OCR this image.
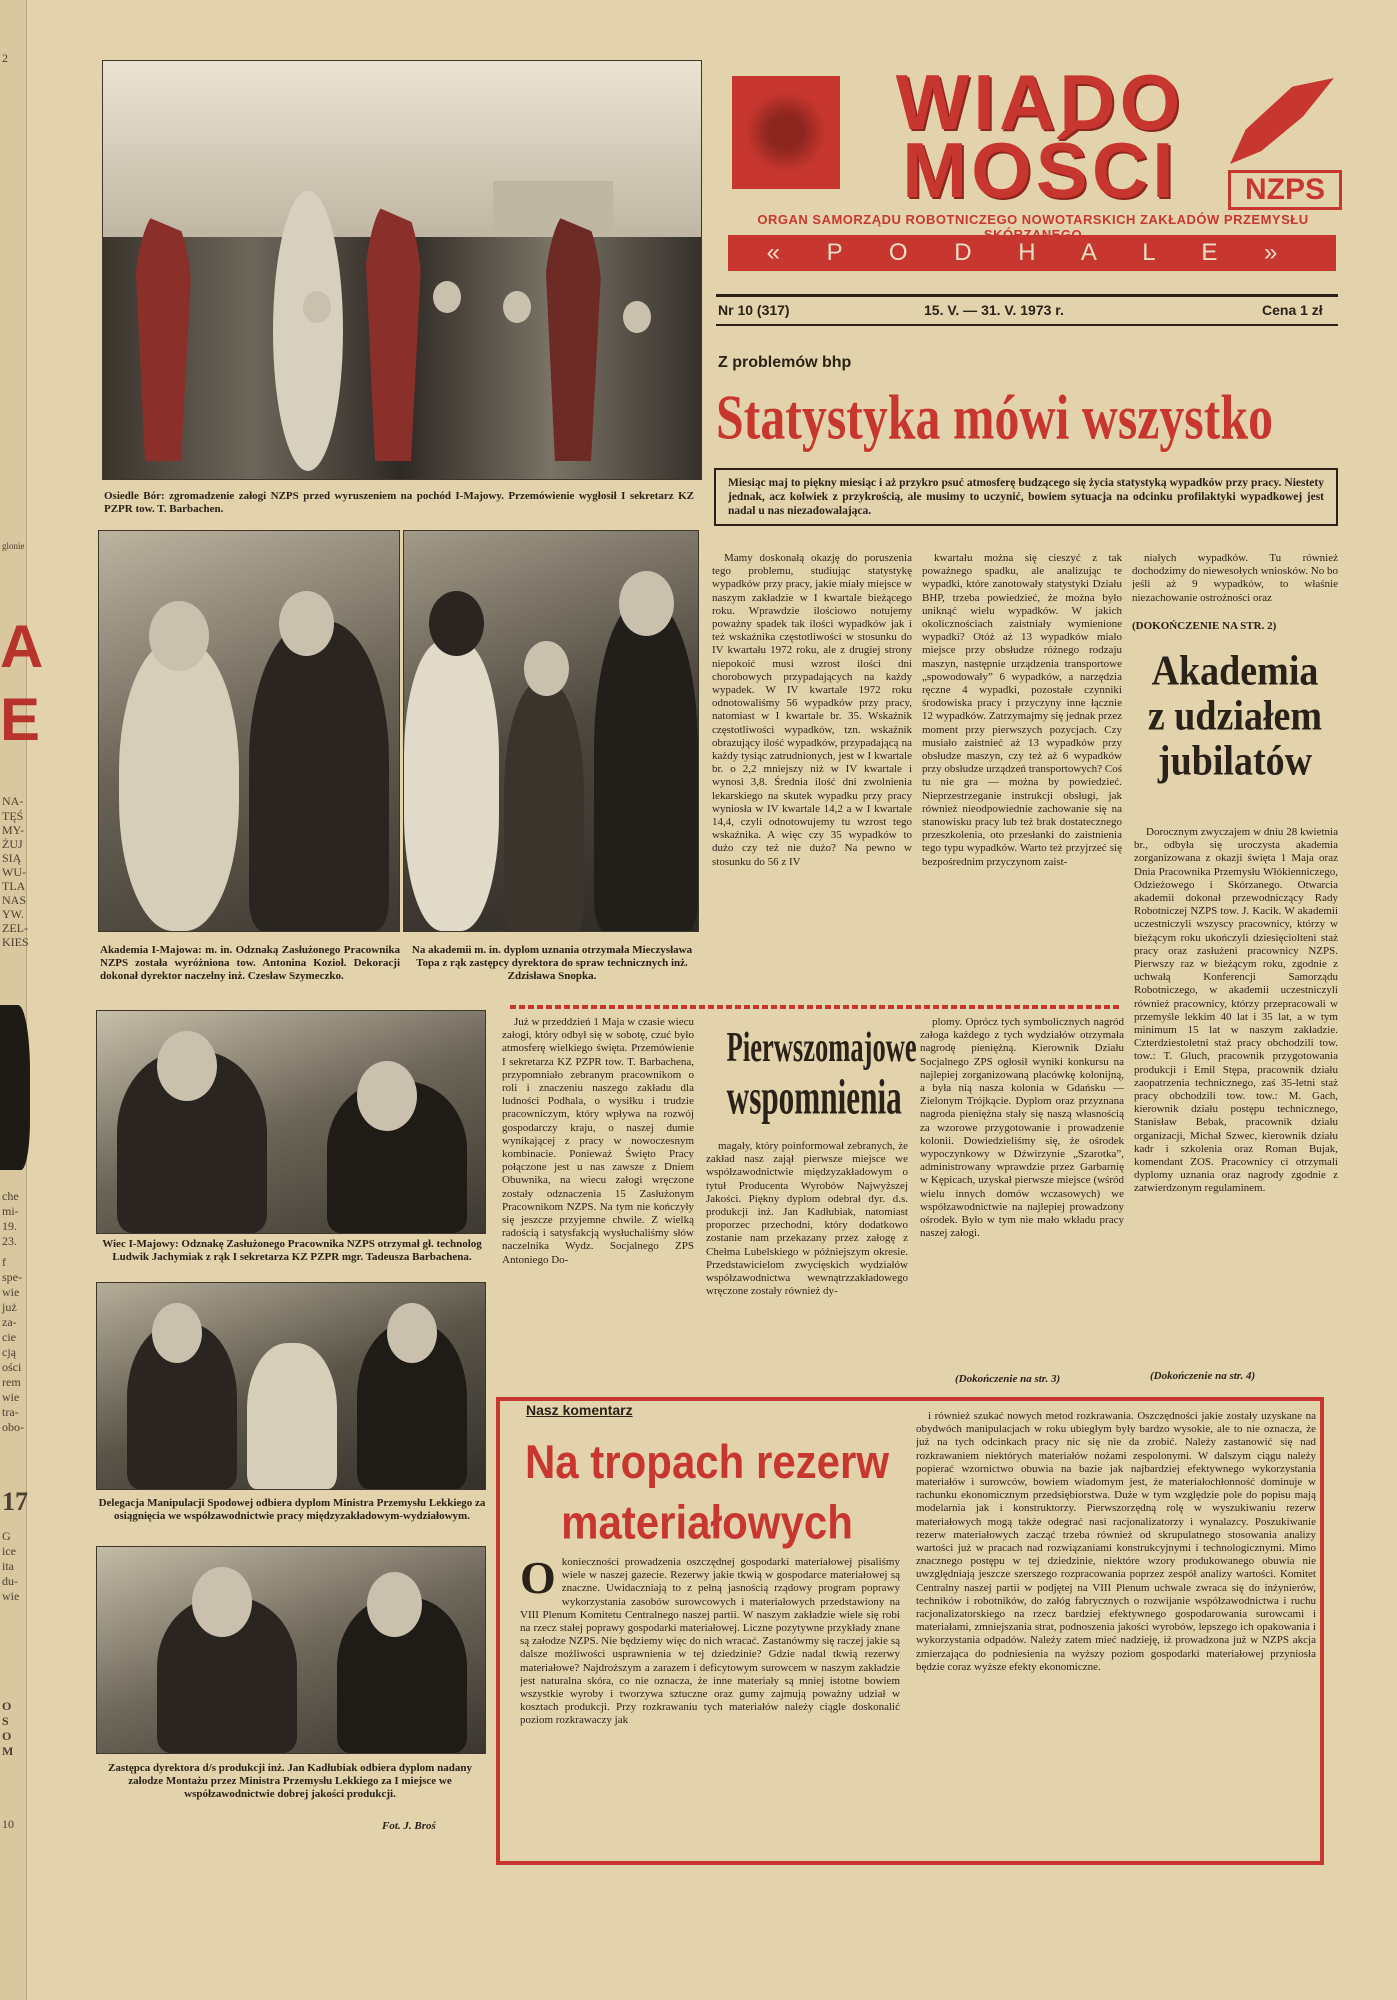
2
glonie
NA-
TĘŚ
MY-
ŻUJ
SIĄ
WU-
TLA
NAS
YW.
ZEL-
KIES
che
mi-
19.
23.
f
spe-
wie
już
za-
cie
cją
ości
rem
wie
tra-
obo-
17
G
ice
ita
du-
wie
O
S
O
M
10
A
E
Osiedle Bór: zgromadzenie załogi NZPS przed wyruszeniem na pochód I-Majowy. Przemówienie wygłosił I sekretarz KZ PZPR tow. T. Barbachen.
Akademia I-Majowa: m. in. Odznaką Zasłużonego Pracownika NZPS została wyróżniona tow. Antonina Kozioł. Dekoracji dokonał dyrektor naczelny inż. Czesław Szymeczko.
Na akademii m. in. dyplom uznania otrzymała Mieczysława Topa z rąk zastępcy dyrektora do spraw technicznych inż. Zdzisława Snopka.
Wiec I-Majowy: Odznakę Zasłużonego Pracownika NZPS otrzymał gł. technolog Ludwik Jachymiak z rąk I sekretarza KZ PZPR mgr. Tadeusza Barbachena.
Delegacja Manipulacji Spodowej odbiera dyplom Ministra Przemysłu Lekkiego za osiągnięcia we współzawodnictwie pracy międzyzakładowym-wydziałowym.
Zastępca dyrektora d/s produkcji inż. Jan Kadłubiak odbiera dyplom nadany załodze Montażu przez Ministra Przemysłu Lekkiego za I miejsce we współzawodnictwie dobrej jakości produkcji.
Fot. J. Broś
WIADO
MOŚCI	NZPS
ORGAN SAMORZĄDU ROBOTNICZEGO NOWOTARSKICH ZAKŁADÓW PRZEMYSŁU
« P O D H A L E »
Nr 10 (317)	15. V. — 31. V. 1973 r.	Cena 1 zł
Z problemów bhp
Statystyka mówi wszystko
Miesiąc maj to piękny miesiąc i aż przykro psuć atmosferę budzącego się życia statystyką wypadków przy pracy. Niestety jednak, acz kolwiek z przykrością, ale musimy to uczynić, bowiem sytuacja na odcinku profilaktyki wypadkowej jest nadal u nas niezadowalająca.

Mamy doskonałą okazję do poruszenia tego problemu, studiując statystykę wypadków przy pracy, jakie miały miejsce w naszym zakładzie w I kwartale bieżącego roku. Wprawdzie ilościowo notujemy poważny spadek tak ilości wypadków jak i też wskaźnika częstotliwości w stosunku do IV kwartału 1972 roku, ale z drugiej strony niepokoić musi wzrost ilości dni chorobowych przypadających na każdy wypadek. W IV kwartale 1972 roku odnotowaliśmy 56 wypadków przy pracy, natomiast w I kwartale br. 35. Wskaźnik częstotliwości wypadków, tzn. wskaźnik obrazujący ilość wypadków, przypadającą na każdy tysiąc zatrudnionych, jest w I kwartale br. o 2,2 mniejszy niż w IV kwartale i wynosi 3,8. Średnia ilość dni zwolnienia lekarskiego na skutek wypadku przy pracy wyniosła w IV kwartale 14,2 a w I kwartale 14,4, czyli odnotowujemy tu wzrost tego wskaźnika. A więc czy 35 wypadków to dużo czy też nie dużo? Na pewno w stosunku do 56 z IV

kwartału można się cieszyć z tak poważnego spadku, ale analizując te wypadki, które zanotowały statystyki Działu BHP, trzeba powiedzieć, że można było uniknąć wielu wypadków. W jakich okolicznościach zaistniały wymienione wypadki? Otóż aż 13 wypadków miało miejsce przy obsłudze różnego rodzaju maszyn, następnie urządzenia transportowe „spowodowały” 6 wypadków, a narzędzia ręczne 4 wypadki, pozostałe czynniki środowiska pracy i przyczyny inne łącznie 12 wypadków. Zatrzymajmy się jednak przez moment przy pierwszych pozycjach. Czy musiało zaistnieć aż 13 wypadków przy obsłudze maszyn, czy też aż 6 wypadków przy obsłudze urządzeń transportowych? Coś tu nie gra — można by powiedzieć. Nieprzestrzeganie instrukcji obsługi, jak również nieodpowiednie zachowanie się na stanowisku pracy lub też brak dostatecznego przeszkolenia, oto przesłanki do zaistnienia tego typu wypadków. Warto też przyjrzeć się bezpośrednim przyczynom zaist-

niałych wypadków. Tu również dochodzimy do niewesołych wniosków. No bo jeśli aż 9 wypadków, to właśnie niezachowanie ostrożności oraz

(DOKOŃCZENIE NA STR. 2)
Akademia
z udziałem
jubilatów

Dorocznym zwyczajem w dniu 28 kwietnia br., odbyła się uroczysta akademia zorganizowana z okazji święta 1 Maja oraz Dnia Pracownika Przemysłu Włókienniczego, Odzieżowego i Skórzanego. Otwarcia akademii dokonał przewodniczący Rady Robotniczej NZPS tow. J. Kacik. W akademii uczestniczyli wszyscy pracownicy, którzy w bieżącym roku ukończyli dziesięciolteni staż pracy oraz zasłużeni pracownicy NZPS. Pierwszy raz w bieżącym roku, zgodnie z uchwałą Konferencji Samorządu Robotniczego, w akademii uczestniczyli również pracownicy, którzy przepracowali w przemyśle lekkim 40 lat i 35 lat, a w tym minimum 15 lat w naszym zakładzie. Czterdziestoletni staż pracy obchodzili tow. tow.: T. Gluch, pracownik przygotowania produkcji i Emil Stępa, pracownik działu zaopatrzenia technicznego, zaś 35-letni staż pracy obchodzili tow. tow.: M. Gach, kierownik działu postępu technicznego, Stanisław Bebak, pracownik działu organizacji, Michał Szwec, kierownik działu kadr i szkolenia oraz Roman Bujak, komendant ZOS. Pracownicy ci otrzymali dyplomy uznania oraz nagrody zgodnie z zatwierdzonym regulaminem.

(Dokończenie na str. 4)

Już w przeddzień 1 Maja w czasie wiecu załogi, który odbył się w sobotę, czuć było atmosferę wielkiego święta. Przemówienie I sekretarza KZ PZPR tow. T. Barbachena, przypomniało zebranym pracownikom o roli i znaczeniu naszego zakładu dla ludności Podhala, o wysiłku i trudzie pracowniczym, który wpływa na rozwój gospodarczy kraju, o naszej dumie wynikającej z pracy w nowoczesnym kombinacie. Ponieważ Święto Pracy połączone jest u nas zawsze z Dniem Obuwnika, na wiecu załogi wręczone zostały odznaczenia 15 Zasłużonym Pracownikom NZPS. Na tym nie kończyły się jeszcze przyjemne chwile. Z wielką radością i satysfakcją wysłuchaliśmy słów naczelnika Wydz. Socjalnego ZPS Antoniego Do-

Pierwszomajowe
wspomnienia

magały, który poinformował zebranych, że zakład nasz zajął pierwsze miejsce we współzawodnictwie międzyzakładowym o tytuł Producenta Wyrobów Najwyższej Jakości. Piękny dyplom odebrał dyr. d.s. produkcji inż. Jan Kadłubiak, natomiast proporzec przechodni, który dodatkowo zostanie nam przekazany przez załogę z Chełma Lubelskiego w późniejszym okresie. Przedstawicielom zwycięskich wydziałów współzawodnictwa wewnątrzzakładowego wręczone zostały również dy-

plomy. Oprócz tych symbolicznych nagród załoga każdego z tych wydziałów otrzymała nagrodę pieniężną. Kierownik Działu Socjalnego ZPS ogłosił wyniki konkursu na najlepiej zorganizowaną placówkę kolonijną, a była nią nasza kolonia w Gdańsku — Zielonym Trójkącie. Dyplom oraz przyznana nagroda pieniężna stały się naszą własnością za wzorowe przygotowanie i prowadzenie kolonii. Dowiedzieliśmy się, że ośrodek wypoczynkowy w Dźwirzynie „Szarotka”, administrowany wprawdzie przez Garbarnię w Kępicach, uzyskał pierwsze miejsce (wśród wielu innych domów wczasowych) we współzawodnictwie na najlepiej prowadzony ośrodek. Było w tym nie mało wkładu pracy naszej załogi.

(Dokończenie na str. 3)
Nasz komentarz
Na tropach rezerw
materiałowych
O konieczności prowadzenia oszczędnej gospodarki materiałowej pisaliśmy wiele w naszej gazecie. Rezerwy jakie tkwią w gospodarce materiałowej są znaczne. Uwidaczniają to z pełną jasnością rządowy program poprawy wykorzystania zasobów surowcowych i materiałowych przedstawiony na VIII Plenum Komitetu Centralnego naszej partii. W naszym zakładzie wiele się robi na rzecz stałej poprawy gospodarki materiałowej. Liczne pozytywne przykłady znane są załodze NZPS. Nie będziemy więc do nich wracać. Zastanówmy się raczej jakie są dalsze możliwości usprawnienia w tej dziedzinie? Gdzie nadal tkwią rezerwy materiałowe? Najdroższym a zarazem i deficytowym surowcem w naszym zakładzie jest naturalna skóra, co nie oznacza, że inne materiały są mniej istotne bowiem wszystkie wyroby i tworzywa sztuczne oraz gumy zajmują poważny udział w kosztach produkcji. Przy rozkrawaniu tych materiałów należy ciągle doskonalić poziom rozkrawaczy jak

i również szukać nowych metod rozkrawania. Oszczędności jakie zostały uzyskane na obydwóch manipulacjach w roku ubiegłym były bardzo wysokie, ale to nie oznacza, że już na tych odcinkach pracy nic się nie da zrobić. Należy zastanowić się nad rozkrawaniem niektórych materiałów nożami zespolonymi. W dalszym ciągu należy popierać wzornictwo obuwia na bazie jak najbardziej efektywnego wykorzystania materiałów i surowców, bowiem wiadomym jest, że materiałochłonność dominuje w rachunku ekonomicznym przedsiębiorstwa. Duże w tym względzie pole do popisu mają modelarnia jak i konstruktorzy. Pierwszorzędną rolę w wyszukiwaniu rezerw materiałowych mogą także odegrać nasi racjonalizatorzy i wynalazcy. Poszukiwanie rezerw materiałowych zacząć trzeba również od skrupulatnego stosowania analizy wartości już w pracach nad rozwiązaniami konstrukcyjnymi i technologicznymi. Mimo znacznego postępu w tej dziedzinie, niektóre wzory produkowanego obuwia nie uwzględniają jeszcze szerszego rozpracowania poprzez zespół analizy wartości. Komitet Centralny naszej partii w podjętej na VIII Plenum uchwale zwraca się do inżynierów, techników i robotników, do załóg fabrycznych o rozwijanie współzawodnictwa i ruchu racjonalizatorskiego na rzecz bardziej efektywnego gospodarowania surowcami i materiałami, zmniejszania strat, podnoszenia jakości wyrobów, lepszego ich opakowania i wykorzystania odpadów. Należy zatem mieć nadzieję, iż prowadzona już w NZPS akcja zmierzająca do podniesienia na wyższy poziom gospodarki materiałowej przyniosła będzie coraz wyższe efekty ekonomiczne.
